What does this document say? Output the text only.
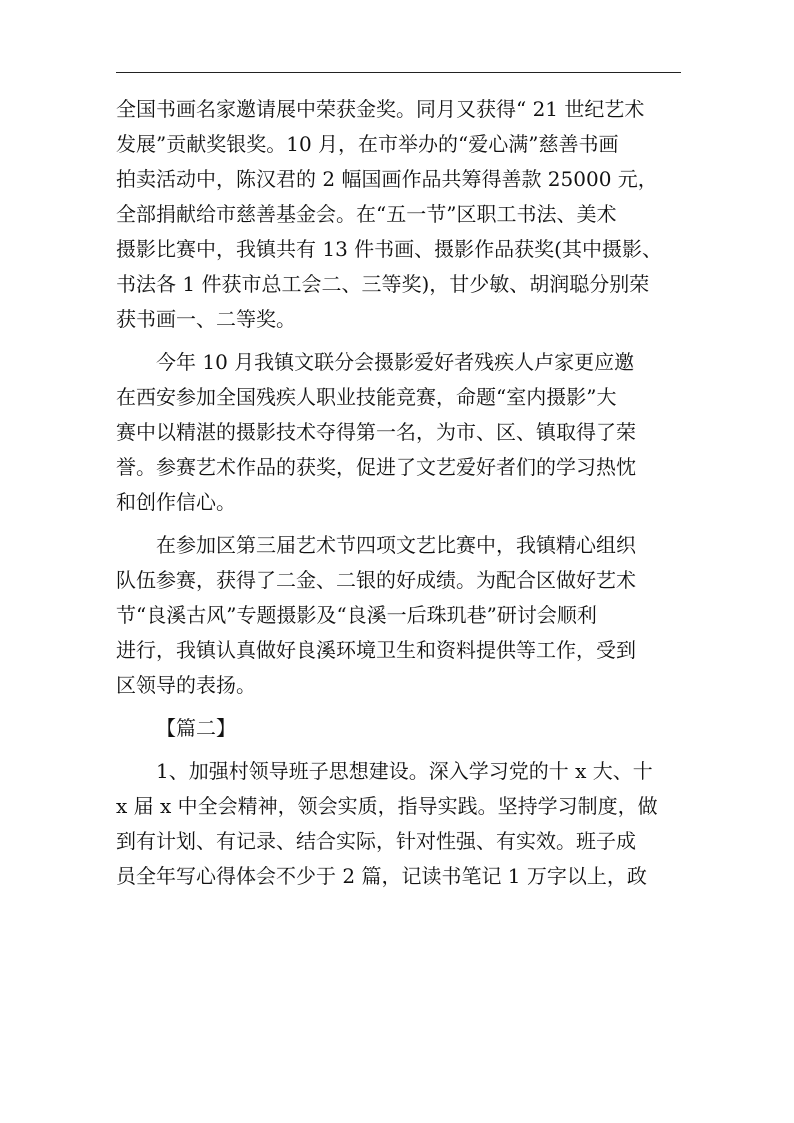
全国书画名家邀请展中荣获金奖。同月又获得“ 21 世纪艺术
发展”贡献奖银奖。10 月，在市举办的“爱心满”慈善书画
拍卖活动中，陈汉君的 2 幅国画作品共筹得善款 25000 元，
全部捐献给市慈善基金会。在“五一节”区职工书法、美术
摄影比赛中，我镇共有 13 件书画、摄影作品获奖(其中摄影、
书法各 1 件获市总工会二、三等奖)，甘少敏、胡润聪分别荣
获书画一、二等奖。
今年 10 月我镇文联分会摄影爱好者残疾人卢家更应邀
在西安参加全国残疾人职业技能竞赛，命题“室内摄影”大
赛中以精湛的摄影技术夺得第一名，为市、区、镇取得了荣
誉。参赛艺术作品的获奖，促进了文艺爱好者们的学习热忱
和创作信心。
在参加区第三届艺术节四项文艺比赛中，我镇精心组织
队伍参赛，获得了二金、二银的好成绩。为配合区做好艺术
节“良溪古风”专题摄影及“良溪一后珠玑巷”研讨会顺利
进行，我镇认真做好良溪环境卫生和资料提供等工作，受到
区领导的表扬。
【篇二】
1、加强村领导班子思想建设。深入学习党的十 x 大、十
x 届 x 中全会精神，领会实质，指导实践。坚持学习制度，做
到有计划、有记录、结合实际，针对性强、有实效。班子成
员全年写心得体会不少于 2 篇，记读书笔记 1 万字以上，政
